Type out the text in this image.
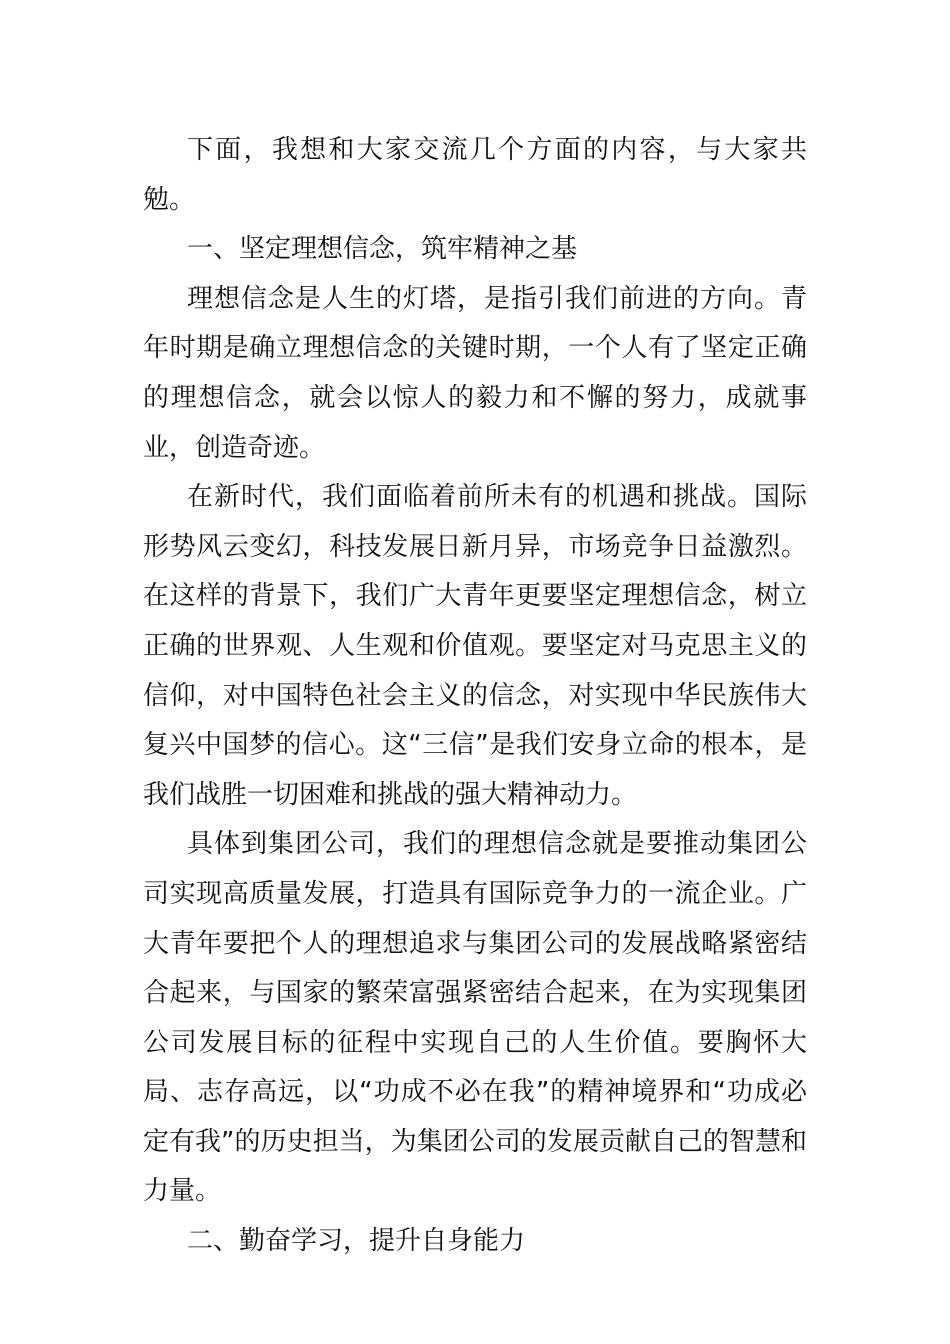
下面，我想和大家交流几个方面的内容，与大家共勉。

一、坚定理想信念，筑牢精神之基

理想信念是人生的灯塔，是指引我们前进的方向。青年时期是确立理想信念的关键时期，一个人有了坚定正确的理想信念，就会以惊人的毅力和不懈的努力，成就事业，创造奇迹。

在新时代，我们面临着前所未有的机遇和挑战。国际形势风云变幻，科技发展日新月异，市场竞争日益激烈。在这样的背景下，我们广大青年更要坚定理想信念，树立正确的世界观、人生观和价值观。要坚定对马克思主义的信仰，对中国特色社会主义的信念，对实现中华民族伟大复兴中国梦的信心。这“三信”是我们安身立命的根本，是我们战胜一切困难和挑战的强大精神动力。

具体到集团公司，我们的理想信念就是要推动集团公司实现高质量发展，打造具有国际竞争力的一流企业。广大青年要把个人的理想追求与集团公司的发展战略紧密结合起来，与国家的繁荣富强紧密结合起来，在为实现集团公司发展目标的征程中实现自己的人生价值。要胸怀大局、志存高远，以“功成不必在我”的精神境界和“功成必定有我”的历史担当，为集团公司的发展贡献自己的智慧和力量。

二、勤奋学习，提升自身能力
